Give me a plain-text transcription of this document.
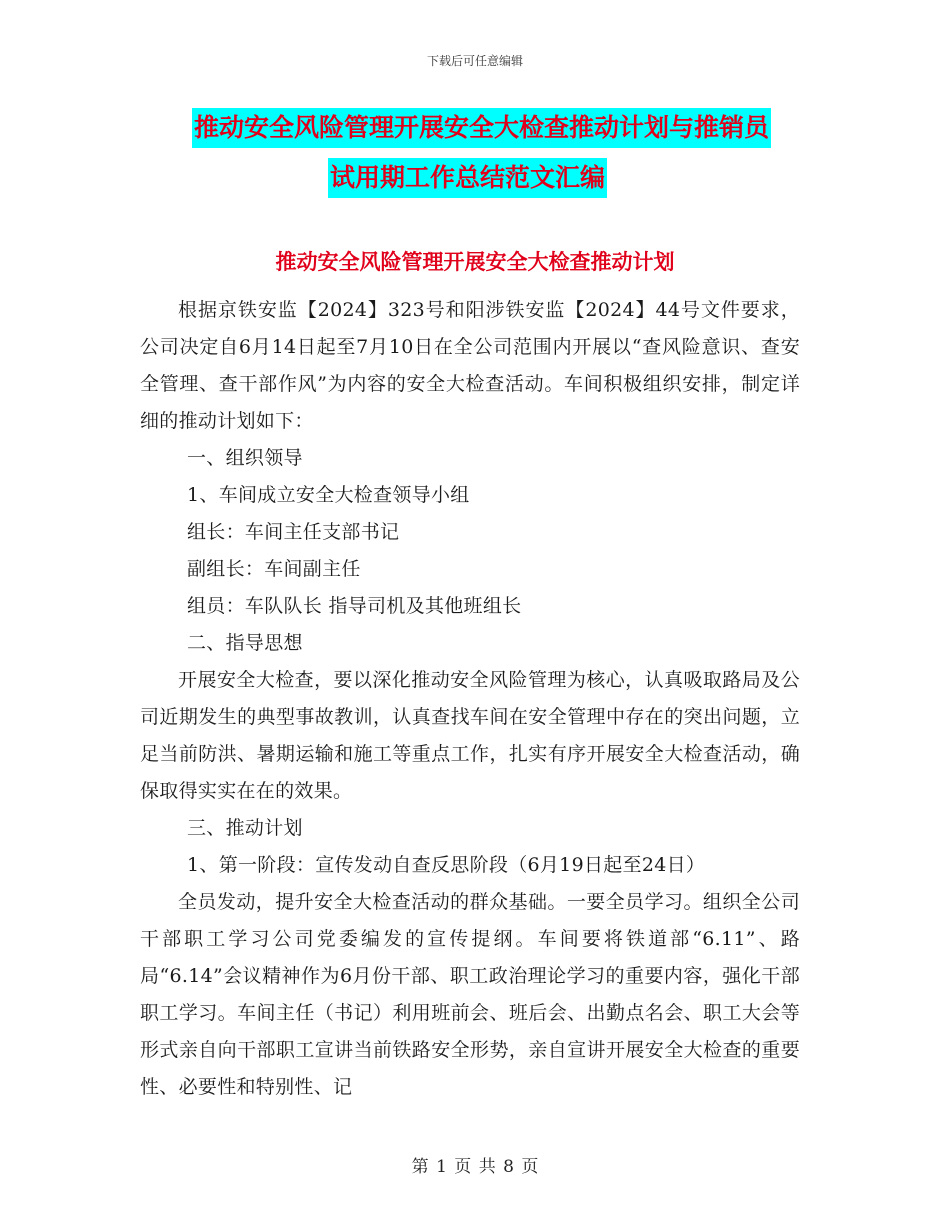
下载后可任意编辑
推动安全风险管理开展安全大检查推动计划与推销员
试用期工作总结范文汇编
推动安全风险管理开展安全大检查推动计划

根据京铁安监【2024】323号和阳涉铁安监【2024】44号文件要求，公司决定自6月14日起至7月10日在全公司范围内开展以“查风险意识、查安全管理、查干部作风”为内容的安全大检查活动。车间积极组织安排，制定详细的推动计划如下：

一、组织领导

1、车间成立安全大检查领导小组

组长：车间主任支部书记

副组长：车间副主任

组员：车队队长 指导司机及其他班组长

二、指导思想

开展安全大检查，要以深化推动安全风险管理为核心，认真吸取路局及公司近期发生的典型事故教训，认真查找车间在安全管理中存在的突出问题，立足当前防洪、暑期运输和施工等重点工作，扎实有序开展安全大检查活动，确保取得实实在在的效果。

三、推动计划

1、第一阶段：宣传发动自查反思阶段（6月19日起至24日）

全员发动，提升安全大检查活动的群众基础。一要全员学习。组织全公司干部职工学习公司党委编发的宣传提纲。车间要将铁道部“6.11”、路局“6.14”会议精神作为6月份干部、职工政治理论学习的重要内容，强化干部职工学习。车间主任（书记）利用班前会、班后会、出勤点名会、职工大会等形式亲自向干部职工宣讲当前铁路安全形势，亲自宣讲开展安全大检查的重要性、必要性和特别性、记

第 1 页 共 8 页
